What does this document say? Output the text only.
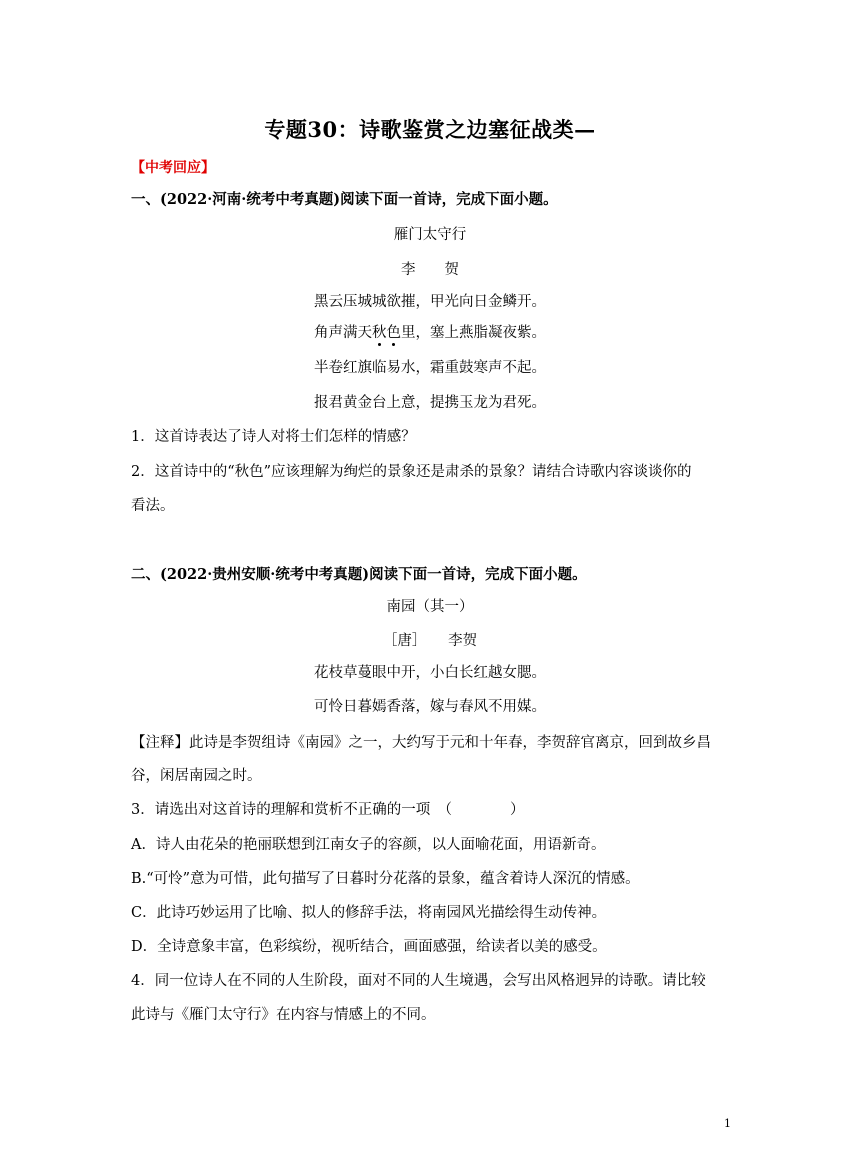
专题30：诗歌鉴赏之边塞征战类—
【中考回应】
一、(2022·河南·统考中考真题)阅读下面一首诗，完成下面小题。
雁门太守行
李　　贺
黑云压城城欲摧，甲光向日金鳞开。
角声满天秋色里，塞上燕脂凝夜紫。
半卷红旗临易水，霜重鼓寒声不起。
报君黄金台上意，提携玉龙为君死。
1．这首诗表达了诗人对将士们怎样的情感？
2．这首诗中的“秋色”应该理解为绚烂的景象还是肃杀的景象？请结合诗歌内容谈谈你的
看法。
二、(2022·贵州安顺·统考中考真题)阅读下面一首诗，完成下面小题。
南园（其一）
［唐］　　李贺
花枝草蔓眼中开，小白长红越女腮。
可怜日暮嫣香落，嫁与春风不用媒。
【注释】此诗是李贺组诗《南园》之一，大约写于元和十年春，李贺辞官离京，回到故乡昌
谷，闲居南园之时。
3．请选出对这首诗的理解和赏析不正确的一项　（　　　　）
A．诗人由花朵的艳丽联想到江南女子的容颜，以人面喻花面，用语新奇。
B.“可怜”意为可惜，此句描写了日暮时分花落的景象，蕴含着诗人深沉的情感。
C．此诗巧妙运用了比喻、拟人的修辞手法，将南园风光描绘得生动传神。
D．全诗意象丰富，色彩缤纷，视听结合，画面感强，给读者以美的感受。
4．同一位诗人在不同的人生阶段，面对不同的人生境遇，会写出风格迥异的诗歌。请比较
此诗与《雁门太守行》在内容与情感上的不同。
1
